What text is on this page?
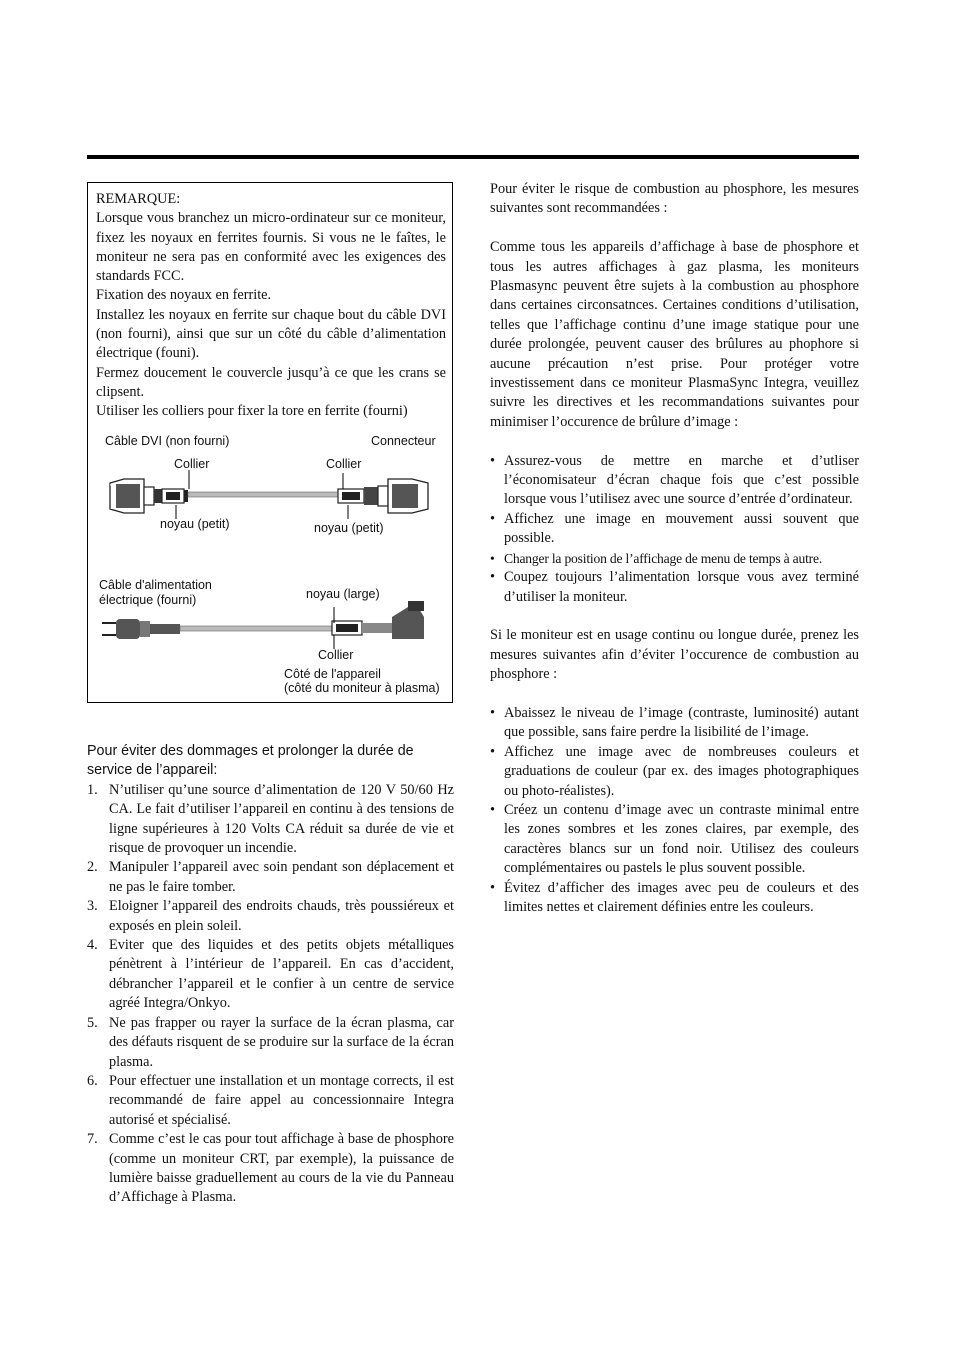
REMARQUE:

Lorsque vous branchez un micro-ordinateur sur ce moniteur, fixez les noyaux en ferrites fournis. Si vous ne le faîtes, le moniteur ne sera pas en conformité avec les exigences des standards FCC.

Fixation des noyaux en ferrite.

Installez les noyaux en ferrite sur chaque bout du câble DVI (non fourni), ainsi que sur un côté du câble d’alimentation électrique (founi).

Fermez doucement le couvercle jusqu’à ce que les crans se clipsent.

Utiliser les colliers pour fixer la tore en ferrite (fourni)

Câble DVI (non fourni)	Connecteur
Collier	Collier
noyau (petit)	noyau (petit)
Câble d'alimentation
électrique (fourni)	noyau (large)
Collier
Côté de l'appareil
(côté du moniteur à plasma)

Pour éviter des dommages et prolonger la durée de service de l’appareil:

1. N’utiliser qu’une source d’alimentation de 120 V 50/60 Hz CA. Le fait d’utiliser l’appareil en continu à des tensions de ligne supérieures à 120 Volts CA réduit sa durée de vie et risque de provoquer un incendie.
2. Manipuler l’appareil avec soin pendant son déplacement et ne pas le faire tomber.
3. Eloigner l’appareil des endroits chauds, très poussiéreux et exposés en plein soleil.
4. Eviter que des liquides et des petits objets métalliques pénètrent à l’intérieur de l’appareil. En cas d’accident, débrancher l’appareil et le confier à un centre de service agréé Integra/Onkyo.
5. Ne pas frapper ou rayer la surface de la écran plasma, car des défauts risquent de se produire sur la surface de la écran plasma.
6. Pour effectuer une installation et un montage corrects, il est recommandé de faire appel au concessionnaire Integra autorisé et spécialisé.
7. Comme c’est le cas pour tout affichage à base de phosphore (comme un moniteur CRT, par exemple), la puissance de lumière baisse graduellement au cours de la vie du Panneau d’Affichage à Plasma.

Pour éviter le risque de combustion au phosphore, les mesures suivantes sont recommandées :

Comme tous les appareils d’affichage à base de phosphore et tous les autres affichages à gaz plasma, les moniteurs Plasmasync peuvent être sujets à la combustion au phosphore dans certaines circonsatnces. Certaines conditions d’utilisation, telles que l’affichage continu d’une image statique pour une durée prolongée, peuvent causer des brûlures au phophore si aucune précaution n’est prise. Pour protéger votre investissement dans ce moniteur PlasmaSync Integra, veuillez suivre les directives et les recommandations suivantes pour minimiser l’occurence de brûlure d’image :

• Assurez-vous de mettre en marche et d’utliser l’économisateur d’écran chaque fois que c’est possible lorsque vous l’utilisez avec une source d’entrée d’ordinateur.
• Affichez une image en mouvement aussi souvent que possible.
• Changer la position de l’affichage de menu de temps à autre.
• Coupez toujours l’alimentation lorsque vous avez terminé d’utiliser la moniteur.

Si le moniteur est en usage continu ou longue durée, prenez les mesures suivantes afin d’éviter l’occurence de combustion au phosphore :

• Abaissez le niveau de l’image (contraste, luminosité) autant que possible, sans faire perdre la lisibilité de l’image.
• Affichez une image avec de nombreuses couleurs et graduations de couleur (par ex. des images photographiques ou photo-réalistes).
• Créez un contenu d’image avec un contraste minimal entre les zones sombres et les zones claires, par exemple, des caractères blancs sur un fond noir. Utilisez des couleurs complémentaires ou pastels le plus souvent possible.
• Évitez d’afficher des images avec peu de couleurs et des limites nettes et clairement définies entre les couleurs.
